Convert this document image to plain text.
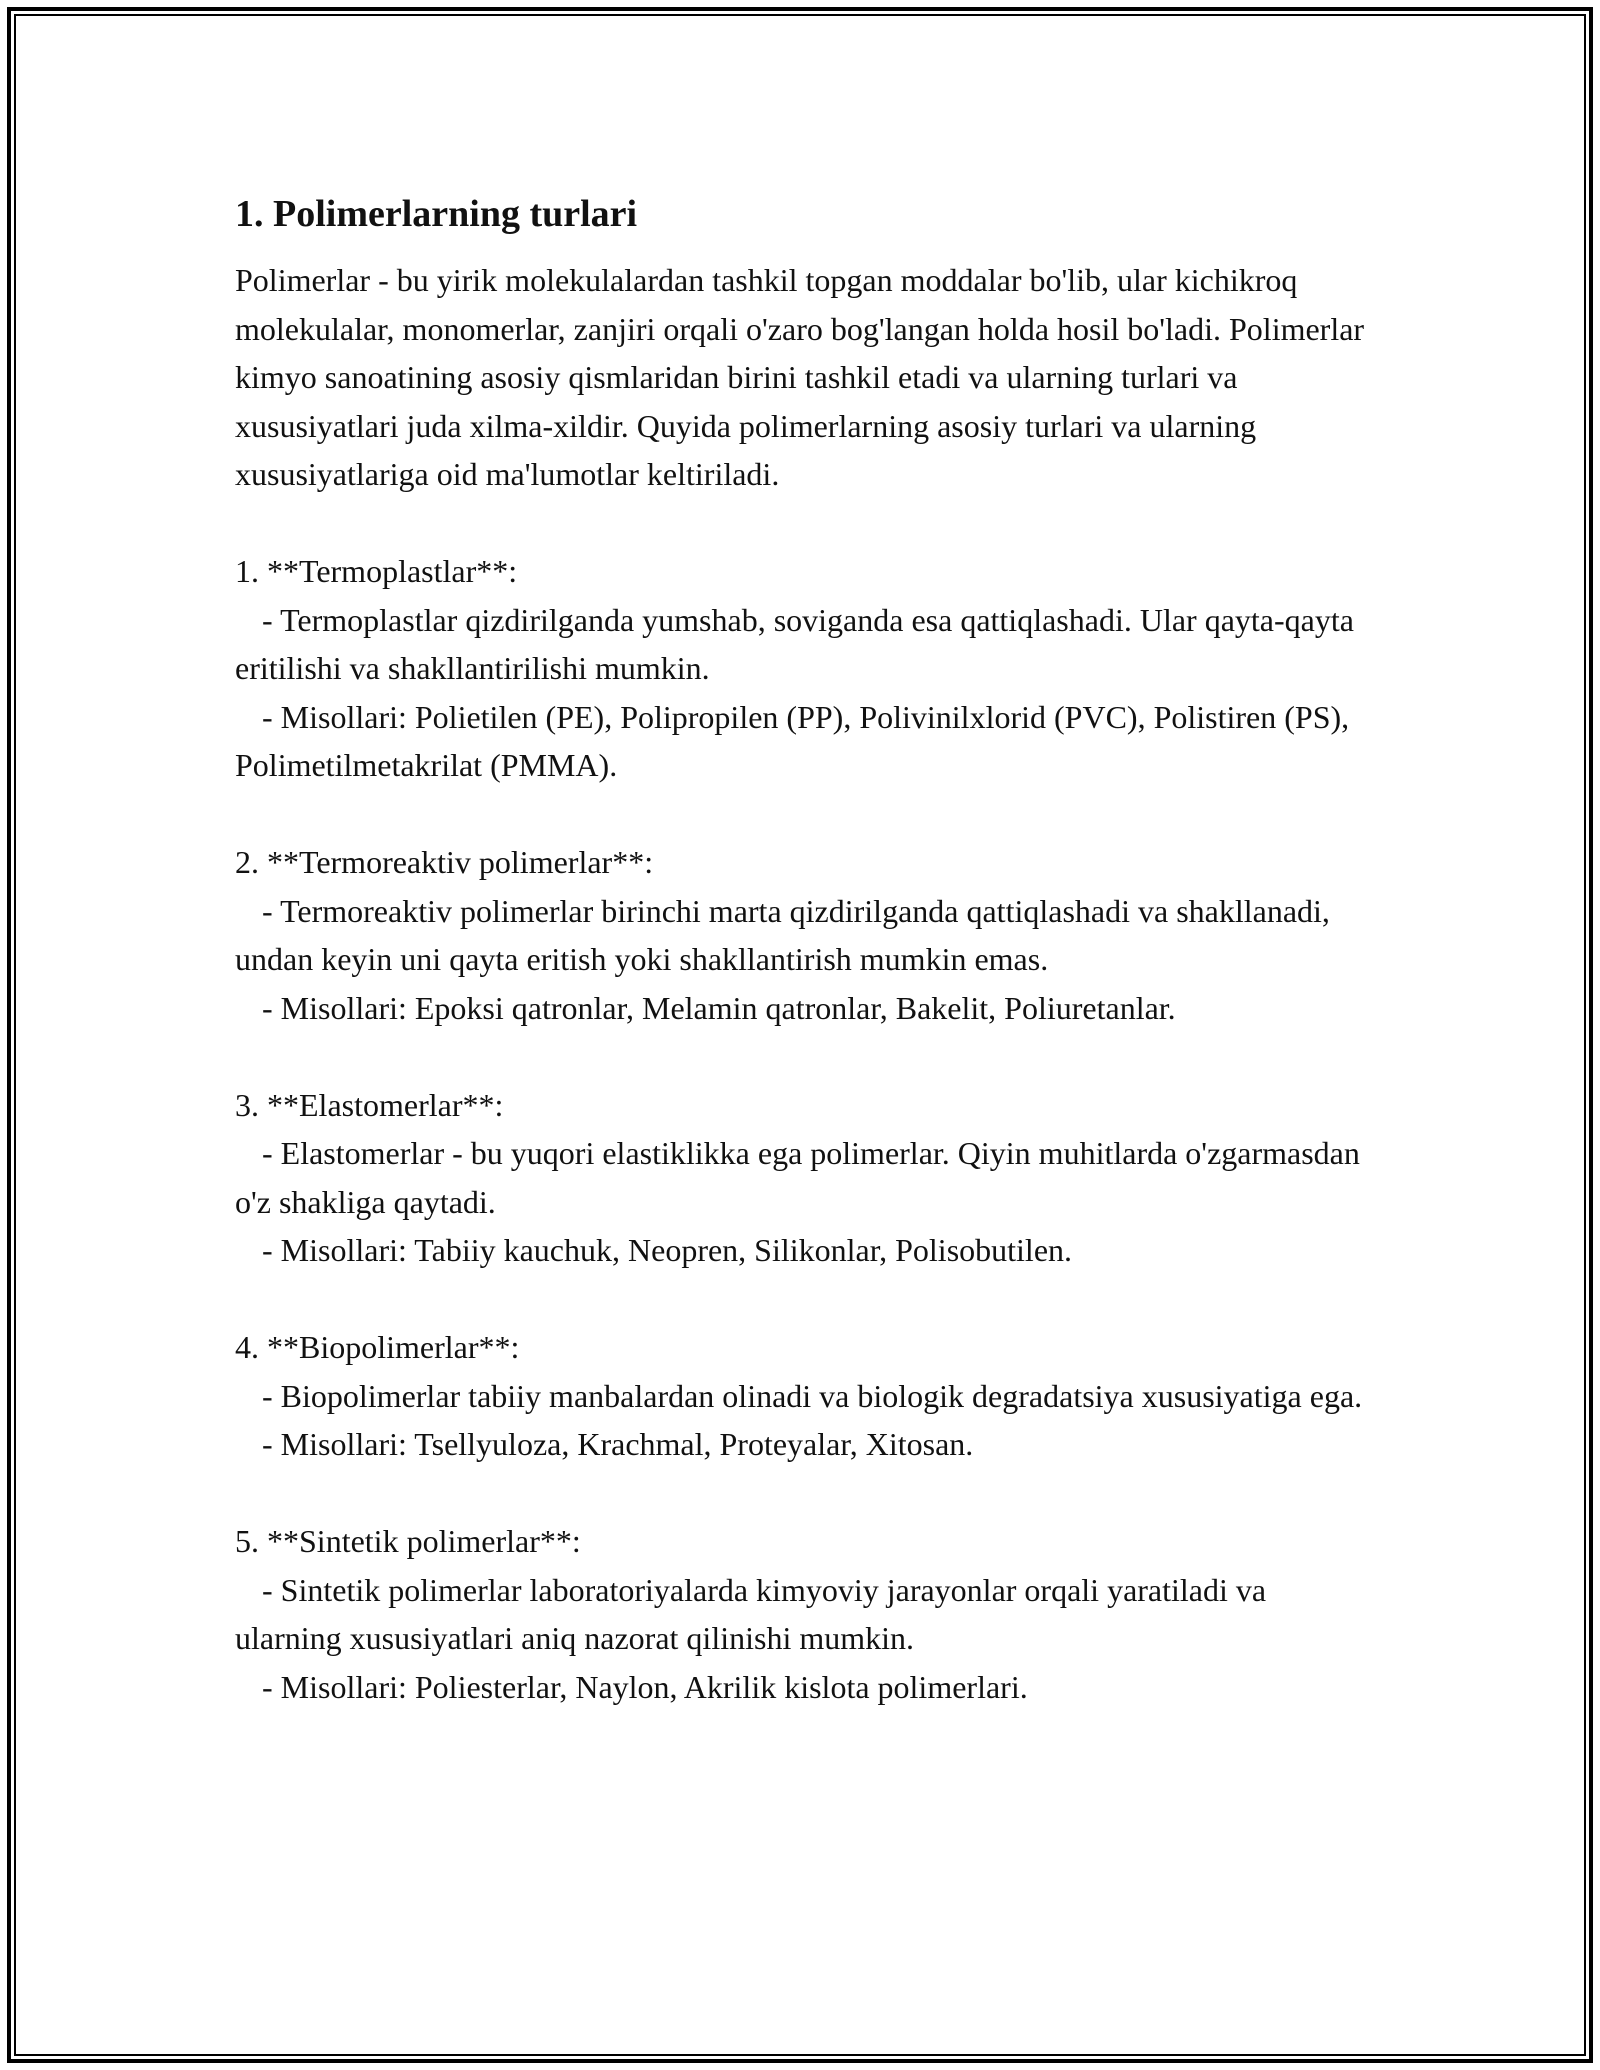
1. Polimerlarning turlari

Polimerlar - bu yirik molekulalardan tashkil topgan moddalar bo'lib, ular kichikroq molekulalar, monomerlar, zanjiri orqali o'zaro bog'langan holda hosil bo'ladi. Polimerlar kimyo sanoatining asosiy qismlaridan birini tashkil etadi va ularning turlari va xususiyatlari juda xilma-xildir. Quyida polimerlarning asosiy turlari va ularning xususiyatlariga oid ma'lumotlar keltiriladi.

1. **Termoplastlar**:

- Termoplastlar qizdirilganda yumshab, soviganda esa qattiqlashadi. Ular qayta-qayta eritilishi va shakllantirilishi mumkin.

- Misollari: Polietilen (PE), Polipropilen (PP), Polivinilxlorid (PVC), Polistiren (PS), Polimetilmetakrilat (PMMA).

2. **Termoreaktiv polimerlar**:

- Termoreaktiv polimerlar birinchi marta qizdirilganda qattiqlashadi va shakllanadi, undan keyin uni qayta eritish yoki shakllantirish mumkin emas.

- Misollari: Epoksi qatronlar, Melamin qatronlar, Bakelit, Poliuretanlar.

3. **Elastomerlar**:

- Elastomerlar - bu yuqori elastiklikka ega polimerlar. Qiyin muhitlarda o'zgarmasdan o'z shakliga qaytadi.

- Misollari: Tabiiy kauchuk, Neopren, Silikonlar, Polisobutilen.

4. **Biopolimerlar**:

- Biopolimerlar tabiiy manbalardan olinadi va biologik degradatsiya xususiyatiga ega.

- Misollari: Tsellyuloza, Krachmal, Proteyalar, Xitosan.

5. **Sintetik polimerlar**:

- Sintetik polimerlar laboratoriyalarda kimyoviy jarayonlar orqali yaratiladi va ularning xususiyatlari aniq nazorat qilinishi mumkin.

- Misollari: Poliesterlar, Naylon, Akrilik kislota polimerlari.
